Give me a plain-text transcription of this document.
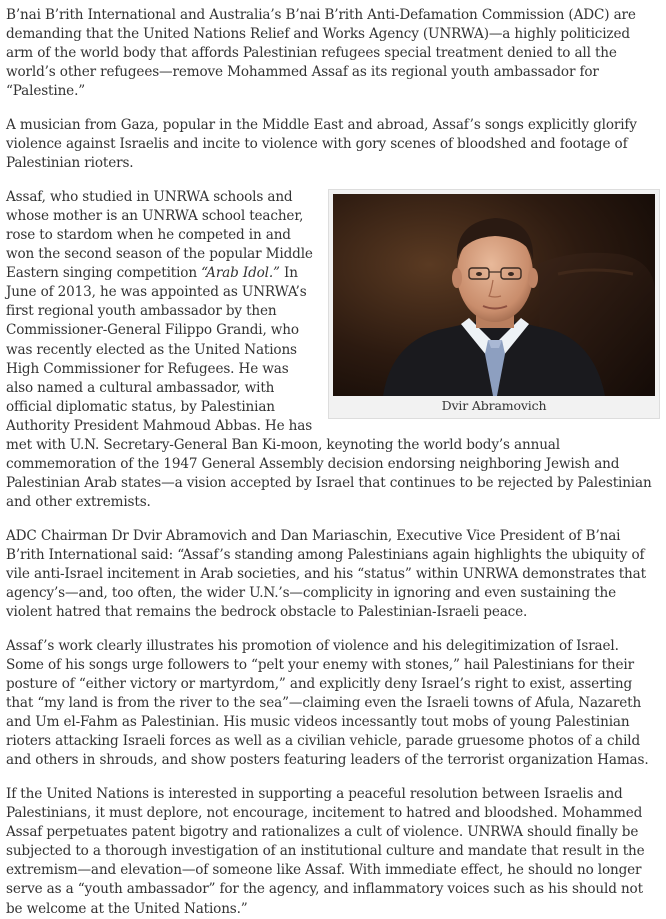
B’nai B’rith International and Australia’s B’nai B’rith Anti-Defamation Commission (ADC) are demanding that the United Nations Relief and Works Agency (UNRWA)—a highly politicized arm of the world body that affords Palestinian refugees special treatment denied to all the world’s other refugees—remove Mohammed Assaf as its regional youth ambassador for “Palestine.”

A musician from Gaza, popular in the Middle East and abroad, Assaf’s songs explicitly glorify violence against Israelis and incite to violence with gory scenes of bloodshed and footage of Palestinian rioters.

Dvir Abramovich

Assaf, who studied in UNRWA schools and whose mother is an UNRWA school teacher, rose to stardom when he competed in and won the second season of the popular Middle Eastern singing competition “Arab Idol.” In June of 2013, he was appointed as UNRWA’s first regional youth ambassador by then Commissioner-General Filippo Grandi, who was recently elected as the United Nations High Commissioner for Refugees. He was also named a cultural ambassador, with official diplomatic status, by Palestinian Authority President Mahmoud Abbas. He has met with U.N. Secretary-General Ban Ki-moon, keynoting the world body’s annual commemoration of the 1947 General Assembly decision endorsing neighboring Jewish and Palestinian Arab states—a vision accepted by Israel that continues to be rejected by Palestinian and other extremists.

ADC Chairman Dr Dvir Abramovich and Dan Mariaschin, Executive Vice President of B’nai B’rith International said: “Assaf’s standing among Palestinians again highlights the ubiquity of vile anti-Israel incitement in Arab societies, and his “status” within UNRWA demonstrates that agency’s—and, too often, the wider U.N.’s—complicity in ignoring and even sustaining the violent hatred that remains the bedrock obstacle to Palestinian-Israeli peace.

Assaf’s work clearly illustrates his promotion of violence and his delegitimization of Israel. Some of his songs urge followers to “pelt your enemy with stones,” hail Palestinians for their posture of “either victory or martyrdom,” and explicitly deny Israel’s right to exist, asserting that “my land is from the river to the sea”—claiming even the Israeli towns of Afula, Nazareth and Um el-Fahm as Palestinian. His music videos incessantly tout mobs of young Palestinian rioters attacking Israeli forces as well as a civilian vehicle, parade gruesome photos of a child and others in shrouds, and show posters featuring leaders of the terrorist organization Hamas.

If the United Nations is interested in supporting a peaceful resolution between Israelis and Palestinians, it must deplore, not encourage, incitement to hatred and bloodshed. Mohammed Assaf perpetuates patent bigotry and rationalizes a cult of violence. UNRWA should finally be subjected to a thorough investigation of an institutional culture and mandate that result in the extremism—and elevation—of someone like Assaf. With immediate effect, he should no longer serve as a “youth ambassador” for the agency, and inflammatory voices such as his should not be welcome at the United Nations.”
